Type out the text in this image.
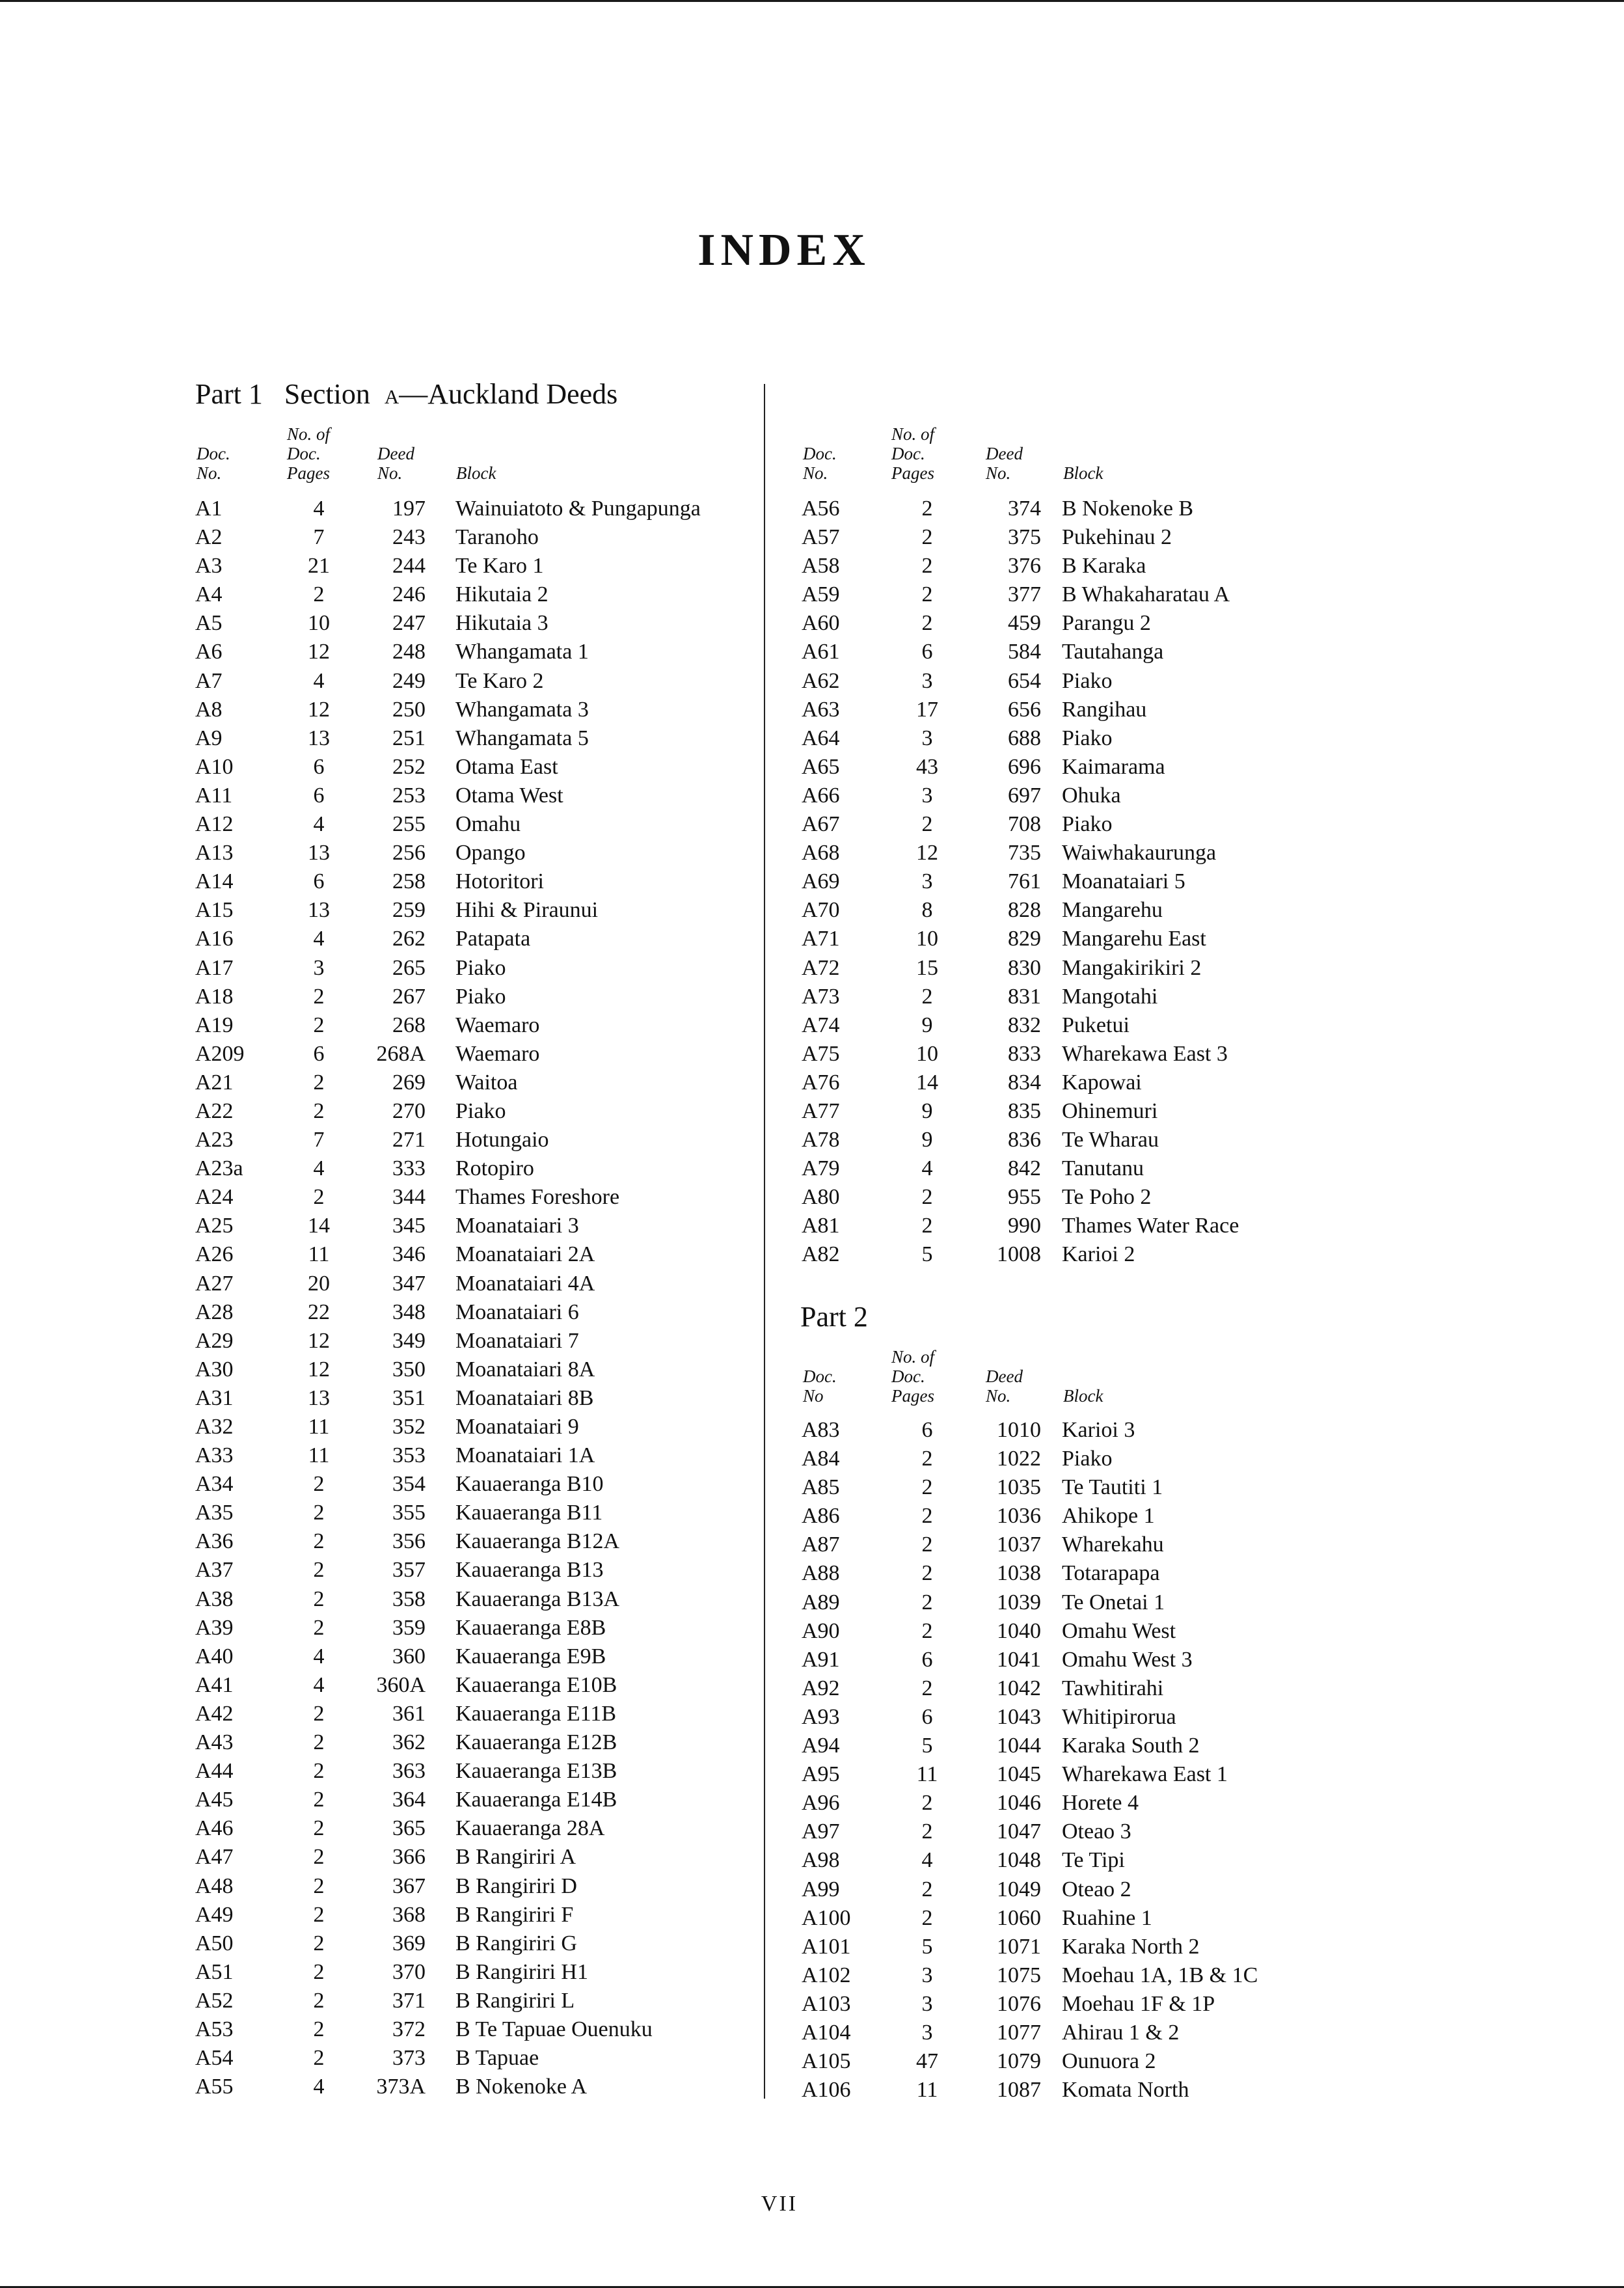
INDEX
Part 1 Section a—Auckland Deeds
Doc.
No.
No. of
Doc.
Pages
Deed
No.	Block
A1	4	197 Wainuiatoto & Pungapunga
A2	7	243 Taranoho
A3	21	244 Te Karo 1
A4	2	246 Hikutaia 2
A5	10	247 Hikutaia 3
A6	12	248 Whangamata 1
A7	4	249 Te Karo 2
A8	12	250 Whangamata 3
A9	13	251 Whangamata 5
A10	6	252 Otama East
A11	6	253 Otama West
A12	4	255 Omahu
A13	13	256 Opango
A14	6	258 Hotoritori
A15	13	259 Hihi & Piraunui
A16	4	262 Patapata
A17	3	265 Piako
A18	2	267 Piako
A19	2	268 Waemaro
A209	6	268A Waemaro
A21	2	269 Waitoa
A22	2	270 Piako
A23	7	271 Hotungaio
A23a	4	333 Rotopiro
A24	2	344 Thames Foreshore
A25	14	345 Moanataiari 3
A26	11	346 Moanataiari 2A
A27	20	347 Moanataiari 4A
A28	22	348 Moanataiari 6
A29	12	349 Moanataiari 7
A30	12	350 Moanataiari 8A
A31	13	351 Moanataiari 8B
A32	11	352 Moanataiari 9
A33	11	353 Moanataiari 1A
A34	2	354 Kauaeranga B10
A35	2	355 Kauaeranga B11
A36	2	356 Kauaeranga B12A
A37	2	357 Kauaeranga B13
A38	2	358 Kauaeranga B13A
A39	2	359 Kauaeranga E8B
A40	4	360 Kauaeranga E9B
A41	4	360A Kauaeranga E10B
A42	2	361 Kauaeranga E11B
A43	2	362 Kauaeranga E12B
A44	2	363 Kauaeranga E13B
A45	2	364 Kauaeranga E14B
A46	2	365 Kauaeranga 28A
A47	2	366 B Rangiriri A
A48	2	367 B Rangiriri D
A49	2	368 B Rangiriri F
A50	2	369 B Rangiriri G
A51	2	370 B Rangiriri H1
A52	2	371 B Rangiriri L
A53	2	372 B Te Tapuae Ouenuku
A54	2	373 B Tapuae
A55	4	373A B Nokenoke A
Doc.
No.
No. of
Doc.
Pages
Deed
No.	Block
A56	2	374 B Nokenoke B
A57	2	375 Pukehinau 2
A58	2	376 B Karaka
A59	2	377 B Whakaharatau A
A60	2	459 Parangu 2
A61	6	584 Tautahanga
A62	3	654 Piako
A63	17	656 Rangihau
A64	3	688 Piako
A65	43	696 Kaimarama
A66	3	697 Ohuka
A67	2	708 Piako
A68	12	735 Waiwhakaurunga
A69	3	761 Moanataiari 5
A70	8	828 Mangarehu
A71	10	829 Mangarehu East
A72	15	830 Mangakirikiri 2
A73	2	831 Mangotahi
A74	9	832 Puketui
A75	10	833 Wharekawa East 3
A76	14	834 Kapowai
A77	9	835 Ohinemuri
A78	9	836 Te Wharau
A79	4	842 Tanutanu
A80	2	955 Te Poho 2
A81	2	990 Thames Water Race
A82	5	1008 Karioi 2
Part 2
Doc.
No
No. of
Doc.
Pages
Deed
No.	Block
A83	6	1010 Karioi 3
A84	2	1022 Piako
A85	2	1035 Te Tautiti 1
A86	2	1036 Ahikope 1
A87	2	1037 Wharekahu
A88	2	1038 Totarapapa
A89	2	1039 Te Onetai 1
A90	2	1040 Omahu West
A91	6	1041 Omahu West 3
A92	2	1042 Tawhitirahi
A93	6	1043 Whitipirorua
A94	5	1044 Karaka South 2
A95	11	1045 Wharekawa East 1
A96	2	1046 Horete 4
A97	2	1047 Oteao 3
A98	4	1048 Te Tipi
A99	2	1049 Oteao 2
A100	2	1060 Ruahine 1
A101	5	1071 Karaka North 2
A102	3	1075 Moehau 1A, 1B & 1C
A103	3	1076 Moehau 1F & 1P
A104	3	1077 Ahirau 1 & 2
A105	47	1079 Ounuora 2
A106	11	1087 Komata North
VII
